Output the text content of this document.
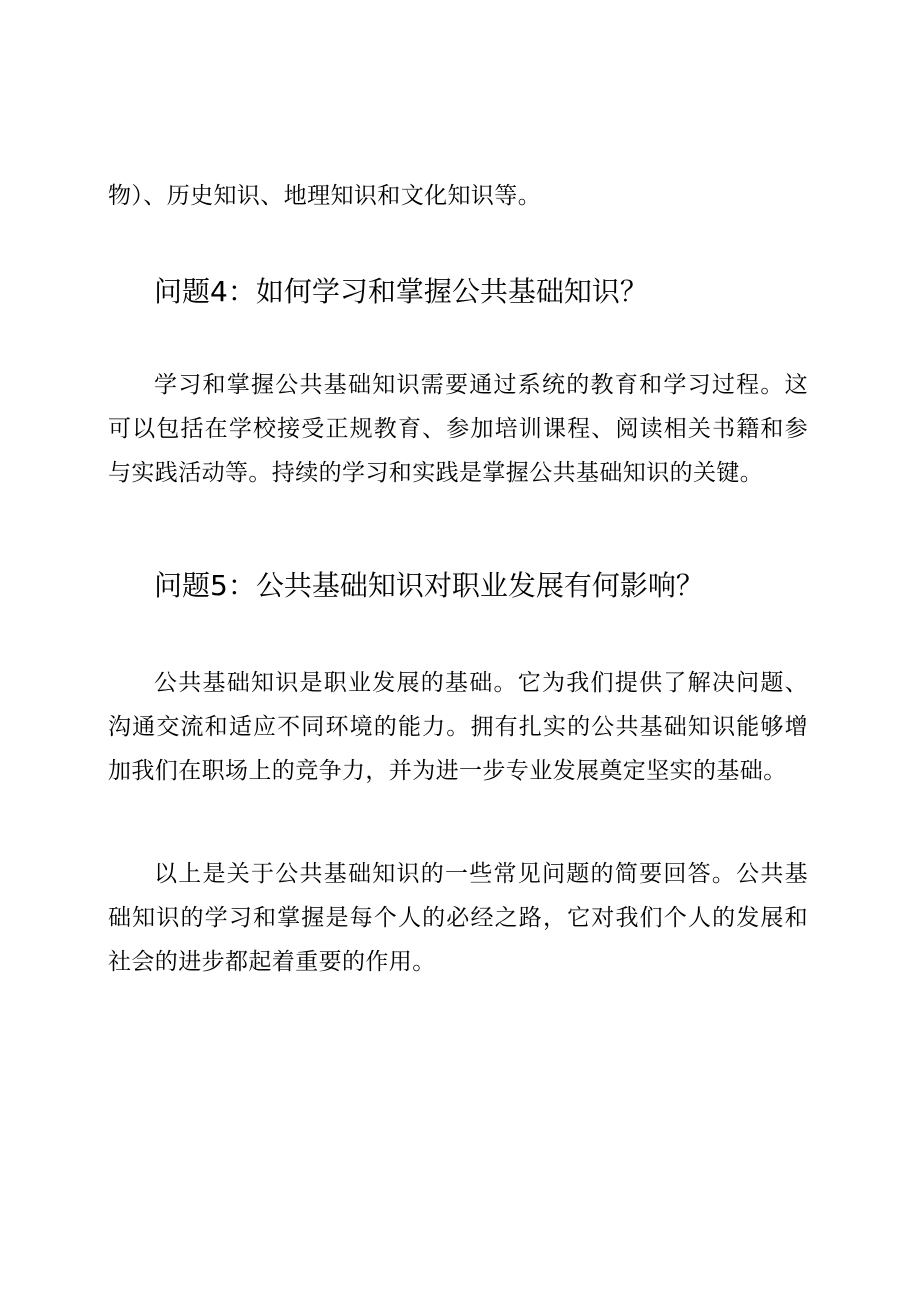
物）、历史知识、地理知识和文化知识等。

问题4：如何学习和掌握公共基础知识？

学习和掌握公共基础知识需要通过系统的教育和学习过程。这可以包括在学校接受正规教育、参加培训课程、阅读相关书籍和参与实践活动等。持续的学习和实践是掌握公共基础知识的关键。

问题5：公共基础知识对职业发展有何影响？

公共基础知识是职业发展的基础。它为我们提供了解决问题、沟通交流和适应不同环境的能力。拥有扎实的公共基础知识能够增加我们在职场上的竞争力，并为进一步专业发展奠定坚实的基础。

以上是关于公共基础知识的一些常见问题的简要回答。公共基础知识的学习和掌握是每个人的必经之路，它对我们个人的发展和社会的进步都起着重要的作用。
